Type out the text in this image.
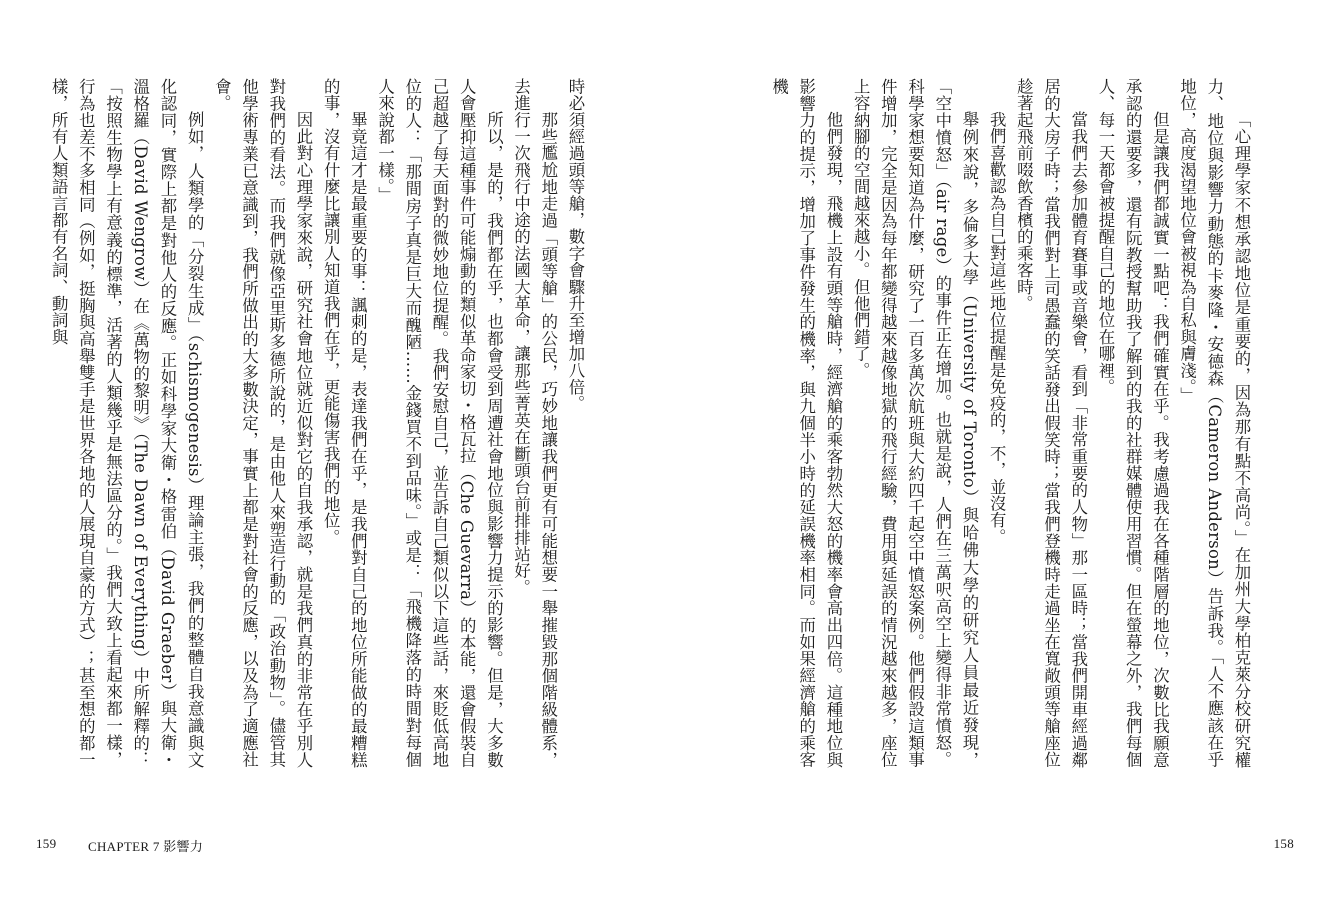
時必須經過頭等艙，數字會驟升至增加八倍。

那些尷尬地走過「頭等艙」的公民，巧妙地讓我們更有可能想要一舉摧毀那個階級體系，去進行一次飛行中途的法國大革命，讓那些菁英在斷頭台前排排站好。

所以，是的，我們都在乎，也都會受到周遭社會地位與影響力提示的影響。但是，大多數人會壓抑這種事件可能煽動的類似革命家切・格瓦拉（Che Guevarra）的本能，還會假裝自己超越了每天面對的微妙地位提醒。我們安慰自己，並告訴自己類似以下這些話，來貶低高地位的人：「那間房子真是巨大而醜陋……金錢買不到品味。」或是：「飛機降落的時間對每個人來說都一樣。」

畢竟這才是最重要的事：諷刺的是，表達我們在乎，是我們對自己的地位所能做的最糟糕的事，沒有什麼比讓別人知道我們在乎，更能傷害我們的地位。

因此對心理學家來說，研究社會地位就近似對它的自我承認，就是我們真的非常在乎別人對我們的看法。而我們就像亞里斯多德所說的，是由他人來塑造行動的「政治動物」。儘管其他學術專業已意識到，我們所做出的大多數決定，事實上都是對社會的反應，以及為了適應社會。

例如，人類學的「分裂生成」（schismogenesis）理論主張，我們的整體自我意識與文化認同，實際上都是對他人的反應。正如科學家大衛・格雷伯（David Graeber）與大衛・溫格羅（David Wengrow）在《萬物的黎明》（The Dawn of Everything）中所解釋的：「按照生物學上有意義的標準，活著的人類幾乎是無法區分的。」我們大致上看起來都一樣，行為也差不多相同（例如，挺胸與高舉雙手是世界各地的人展現自豪的方式）；甚至想的都一樣，所有人類語言都有名詞、動詞與

159 CHAPTER 7 影響力

「心理學家不想承認地位是重要的，因為那有點不高尚。」在加州大學柏克萊分校研究權力、地位與影響力動態的卡麥隆・安德森（Cameron Anderson）告訴我。「人不應該在乎地位，高度渴望地位會被視為自私與膚淺。」

但是讓我們都誠實一點吧：我們確實在乎。我考慮過我在各種階層的地位，次數比我願意承認的還要多，還有阮教授幫助我了解到的我的社群媒體使用習慣。但在螢幕之外，我們每個人、每一天都會被提醒自己的地位在哪裡。

當我們去參加體育賽事或音樂會，看到「非常重要的人物」那一區時；當我們開車經過鄰居的大房子時；當我們對上司愚蠢的笑話發出假笑時；當我們登機時走過坐在寬敞頭等艙座位趁著起飛前啜飲香檳的乘客時。

我們喜歡認為自己對這些地位提醒是免疫的，不，並沒有。

舉例來說，多倫多大學（University of Toronto）與哈佛大學的研究人員最近發現，「空中憤怒」（air rage）的事件正在增加。也就是說，人們在三萬呎高空上變得非常憤怒。科學家想要知道為什麼，研究了一百多萬次航班與大約四千起空中憤怒案例。他們假設這類事件增加，完全是因為每年都變得越來越像地獄的飛行經驗，費用與延誤的情況越來越多，座位上容納腳的空間越來越小。但他們錯了。

他們發現，飛機上設有頭等艙時，經濟艙的乘客勃然大怒的機率會高出四倍。這種地位與影響力的提示，增加了事件發生的機率，與九個半小時的延誤機率相同。而如果經濟艙的乘客機

158
